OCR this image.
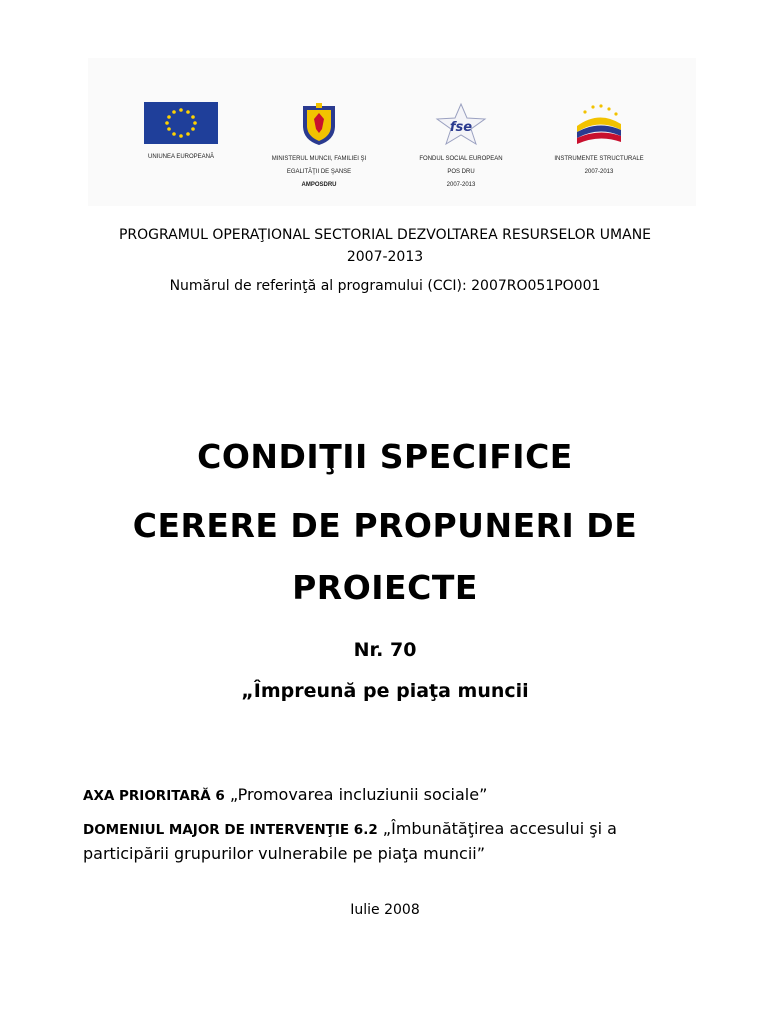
UNIUNEA EUROPEANĂ	MINISTERUL MUNCII, FAMILIEI ŞI
EGALITĂŢII DE ŞANSE
AMPOSDRU
fse
FONDUL SOCIAL EUROPEAN
POS DRU
2007-2013
INSTRUMENTE STRUCTURALE
2007-2013
PROGRAMUL OPERAŢIONAL SECTORIAL DEZVOLTAREA RESURSELOR UMANE
2007-2013
Numărul de referinţă al programului (CCI): 2007RO051PO001
CONDIŢII SPECIFICE
CERERE DE PROPUNERI DE
PROIECTE
Nr. 70
„Împreună pe piaţa muncii
AXA PRIORITARĂ 6 „Promovarea incluziunii sociale”
DOMENIUL MAJOR DE INTERVENŢIE 6.2 „Îmbunătăţirea accesului şi a participării grupurilor vulnerabile pe piaţa muncii”
Iulie 2008
